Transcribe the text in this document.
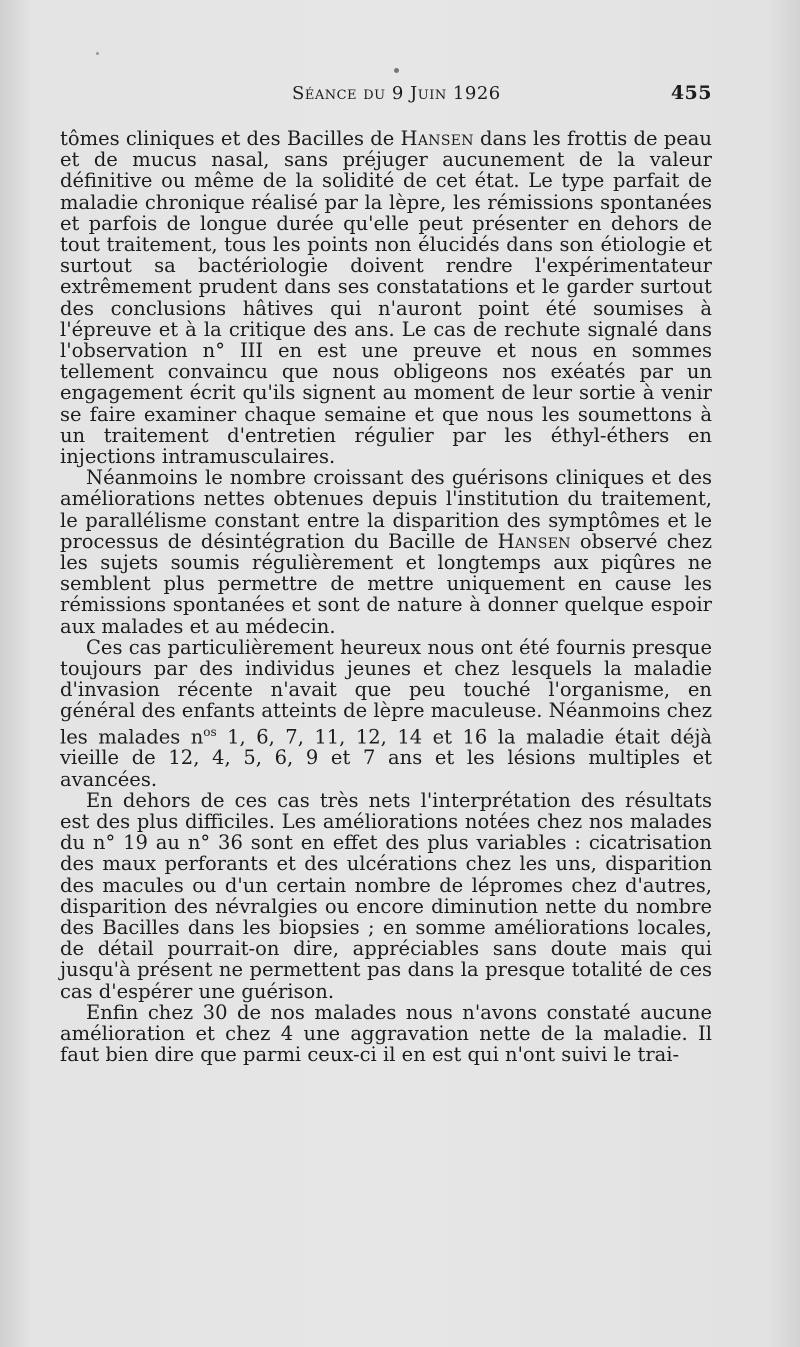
Séance du 9 Juin 1926	455

tômes cliniques et des Bacilles de Hansen dans les frottis de peau et de mucus nasal, sans préjuger aucunement de la valeur définitive ou même de la solidité de cet état. Le type parfait de maladie chronique réalisé par la lèpre, les rémissions spontanées et parfois de longue durée qu'elle peut présenter en dehors de tout traitement, tous les points non élucidés dans son étiologie et surtout sa bactériologie doivent rendre l'expérimentateur extrêmement prudent dans ses constatations et le garder surtout des conclusions hâtives qui n'auront point été soumises à l'épreuve et à la critique des ans. Le cas de rechute signalé dans l'observation n° III en est une preuve et nous en sommes tellement convaincu que nous obligeons nos exéatés par un engagement écrit qu'ils signent au moment de leur sortie à venir se faire examiner chaque semaine et que nous les soumettons à un traitement d'entretien régulier par les éthyl-éthers en injections intramusculaires.

Néanmoins le nombre croissant des guérisons cliniques et des améliorations nettes obtenues depuis l'institution du traitement, le parallélisme constant entre la disparition des symptômes et le processus de désintégration du Bacille de Hansen observé chez les sujets soumis régulièrement et longtemps aux piqûres ne semblent plus permettre de mettre uniquement en cause les rémissions spontanées et sont de nature à donner quelque espoir aux malades et au médecin.

Ces cas particulièrement heureux nous ont été fournis presque toujours par des individus jeunes et chez lesquels la maladie d'invasion récente n'avait que peu touché l'organisme, en général des enfants atteints de lèpre maculeuse. Néanmoins chez les malades $n^{os}$ 1, 6, 7, 11, 12, 14 et 16 la maladie était déjà vieille de 12, 4, 5, 6, 9 et 7 ans et les lésions multiples et avancées.

En dehors de ces cas très nets l'interprétation des résultats est des plus difficiles. Les améliorations notées chez nos malades du n° 19 au n° 36 sont en effet des plus variables : cicatrisation des maux perforants et des ulcérations chez les uns, disparition des macules ou d'un certain nombre de lépromes chez d'autres, disparition des névralgies ou encore diminution nette du nombre des Bacilles dans les biopsies ; en somme améliorations locales, de détail pourrait-on dire, appréciables sans doute mais qui jusqu'à présent ne permettent pas dans la presque totalité de ces cas d'espérer une guérison.

Enfin chez 30 de nos malades nous n'avons constaté aucune amélioration et chez 4 une aggravation nette de la maladie. Il faut bien dire que parmi ceux-ci il en est qui n'ont suivi le trai-
